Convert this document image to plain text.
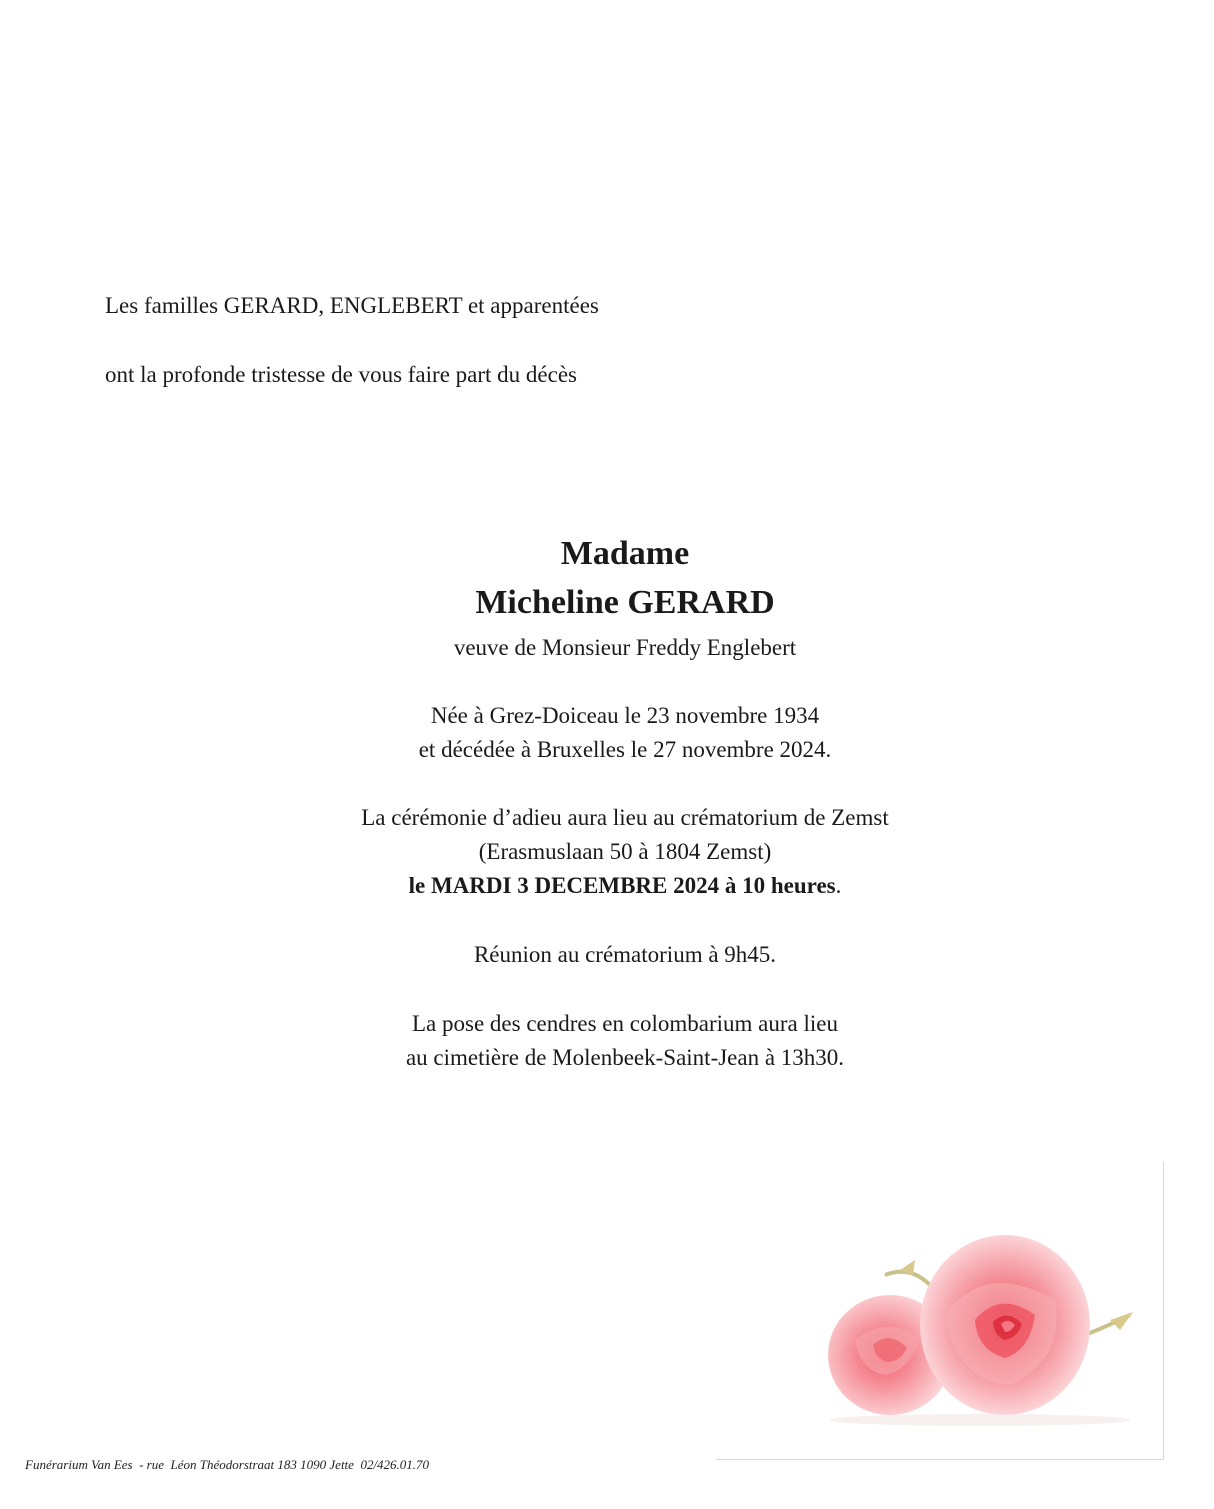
Les familles GERARD, ENGLEBERT et apparentées
ont la profonde tristesse de vous faire part du décès
Madame
Micheline GERARD
veuve de Monsieur Freddy Englebert
Née à Grez-Doiceau le 23 novembre 1934
et décédée à Bruxelles le 27 novembre 2024.
La cérémonie d’adieu aura lieu au crématorium de Zemst
(Erasmuslaan 50 à 1804 Zemst)
le MARDI 3 DECEMBRE 2024 à 10 heures.
Réunion au crématorium à 9h45.
La pose des cendres en colombarium aura lieu
au cimetière de Molenbeek-Saint-Jean à 13h30.
Funérarium Van Ees  - rue  Léon Théodorstraat 183 1090 Jette  02/426.01.70
